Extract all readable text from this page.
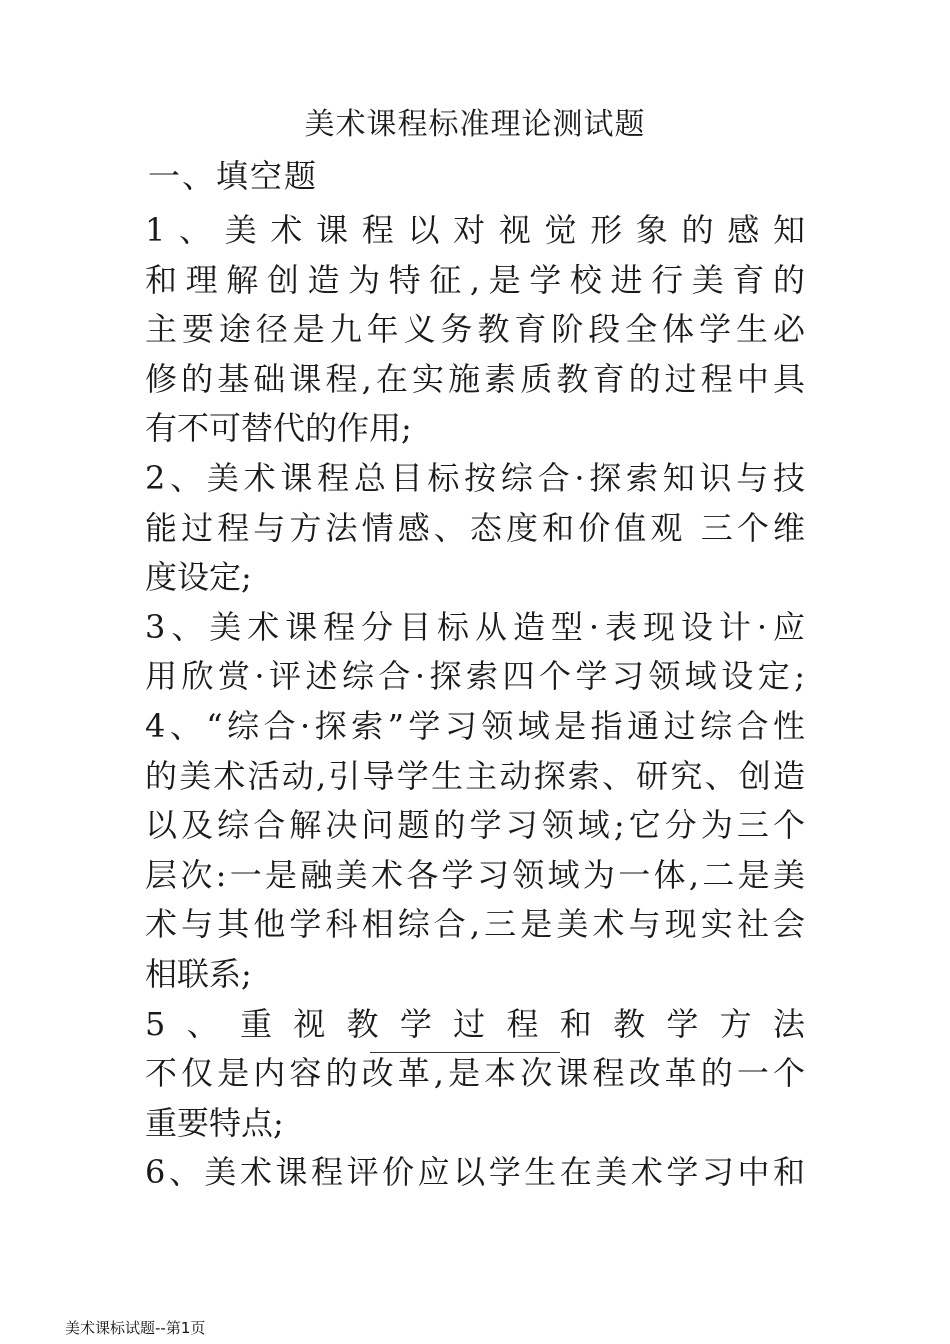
美术课程标准理论测试题
一、填空题

1、美术课程以对视觉形象的感知
和理解创造为特征,是学校进行美育的
主要途径是九年义务教育阶段全体学生必
修的基础课程,在实施素质教育的过程中具
有不可替代的作用;

2、美术课程总目标按综合·探索知识与技
能过程与方法情感、态度和价值观 三个维
度设定;

3、美术课程分目标从造型·表现设计·应
用欣赏·评述综合·探索四个学习领域设定;

4、“综合·探索”学习领域是指通过综合性
的美术活动,引导学生主动探索、研究、创造
以及综合解决问题的学习领域;它分为三个
层次:一是融美术各学习领域为一体,二是美
术与其他学科相综合,三是美术与现实社会
相联系;

5、重视教学过程和教学方法
不仅是内容的改革,是本次课程改革的一个
重要特点;

6、美术课程评价应以学生在美术学习中和

美术课标试题--第1页
